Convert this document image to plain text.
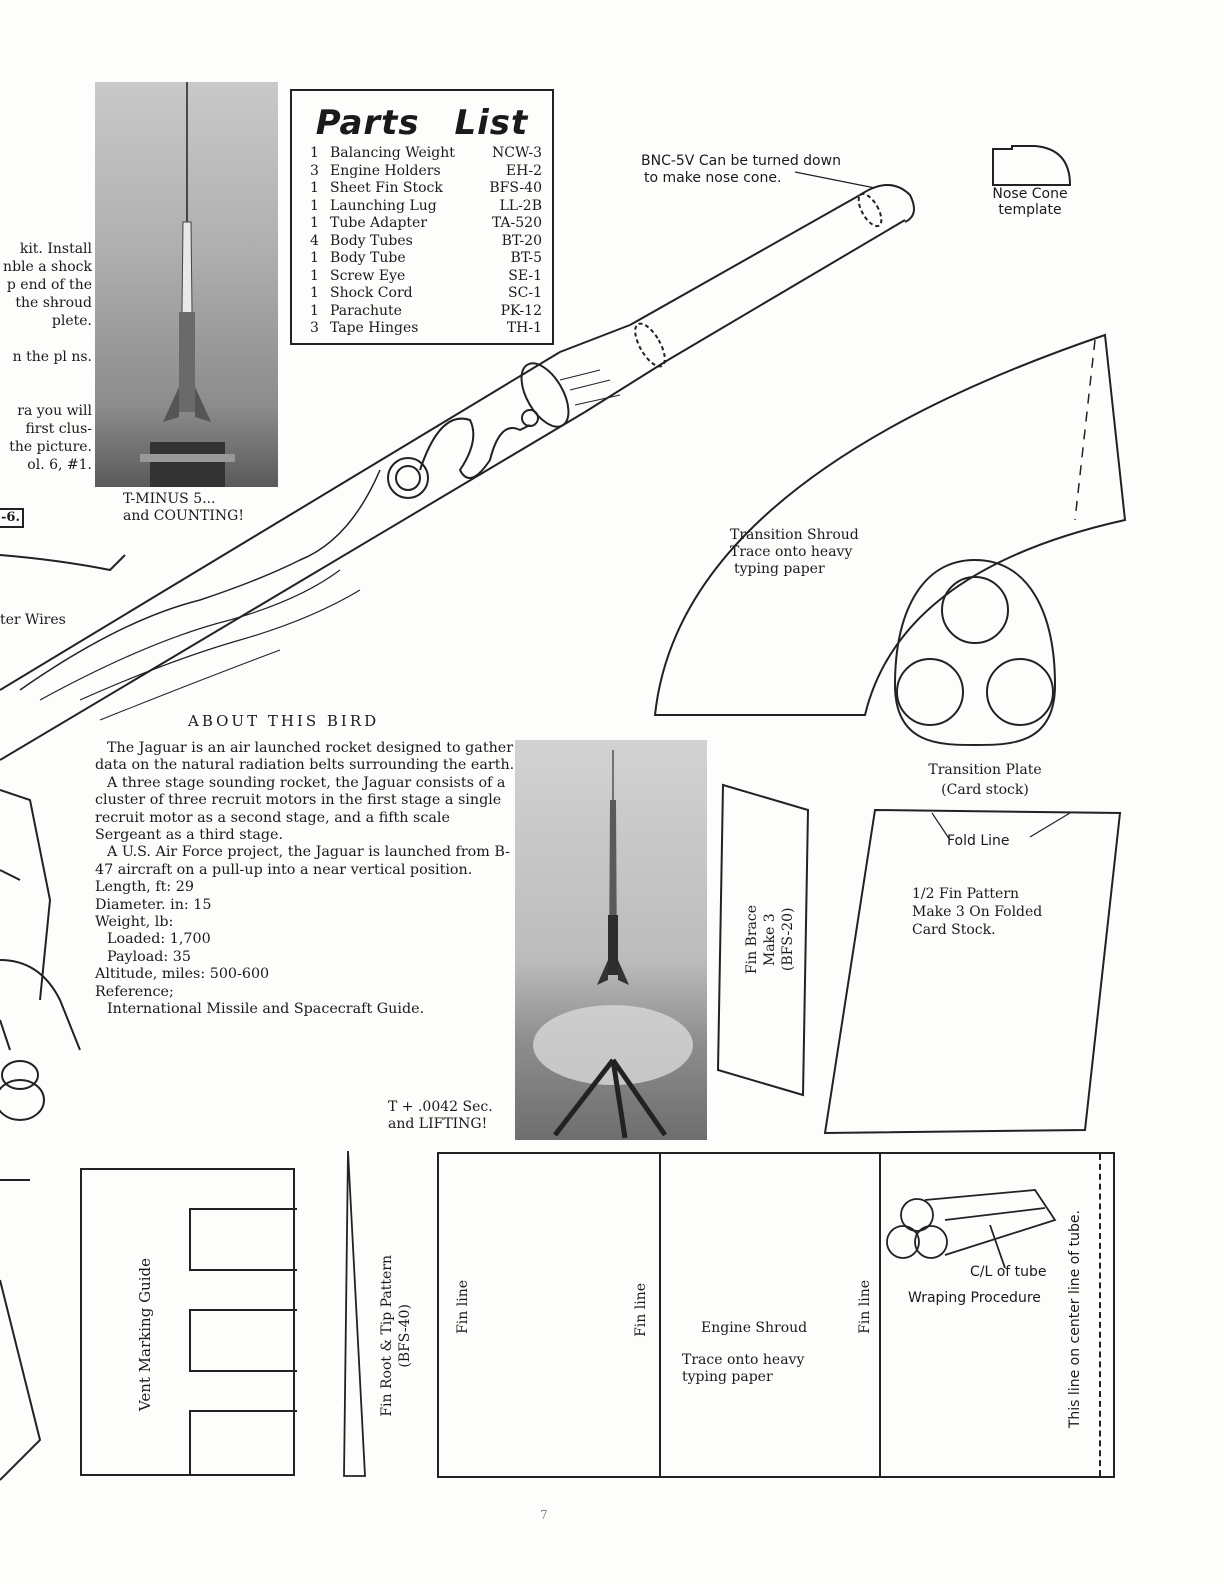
kit. Install
nble a shock
p end of the
the sh̵roud
plete.
n the pl ns.
ra you will
first clus-
the picture.
ol. 6, #1.
-6.
ter Wires
T-MINUS 5...
and COUNTING!
Parts List
1	Balancing Weight	NCW-3
3	Engine Holders	EH-2
1	Sheet Fin Stock	BFS-40
1	Launching Lug	LL-2B
1	Tube Adapter	TA-520
4	Body Tubes	BT-20
1	Body Tube	BT-5
1	Screw Eye	SE-1
1	Shock Cord	SC-1
1	Parachute	PK-12
3	Tape Hinges	TH-1
BNC-5V Can be turned down
to make nose cone.
Nose Cone
template
Transition Shroud
Trace onto heavy
typing paper
Transition Plate
(Card stock)
ABOUT THIS BIRD

The Jaguar is an air launched rocket designed to gather data on the natural radiation belts surrounding the earth.

A three stage sounding rocket, the Jaguar consists of a cluster of three recruit motors in the first stage a single recruit motor as a second stage, and a fifth scale Sergeant as a third stage.

A U.S. Air Force project, the Jaguar is launched from B-47 aircraft on a pull-up into a near vertical position.

Length, ft: 29
Diameter. in: 15
Weight, lb:
Loaded: 1,700
Payload: 35
Altitude, miles: 500-600
Reference;
International Missile and Spacecraft Guide.
T + .0042 Sec.
and LIFTING!
Fin Brace Make 3 (BFS-20)
Fold Line
1/2 Fin Pattern
Make 3 On Folded
Card Stock.
Vent Marking Guide	Fin Root & Tip Pattern (BFS-40)	Fin line	Fin line	Fin line
Engine Shroud
Trace onto heavy
typing paper
C/L of tube
Wraping Procedure This line on center line of tube.
7
